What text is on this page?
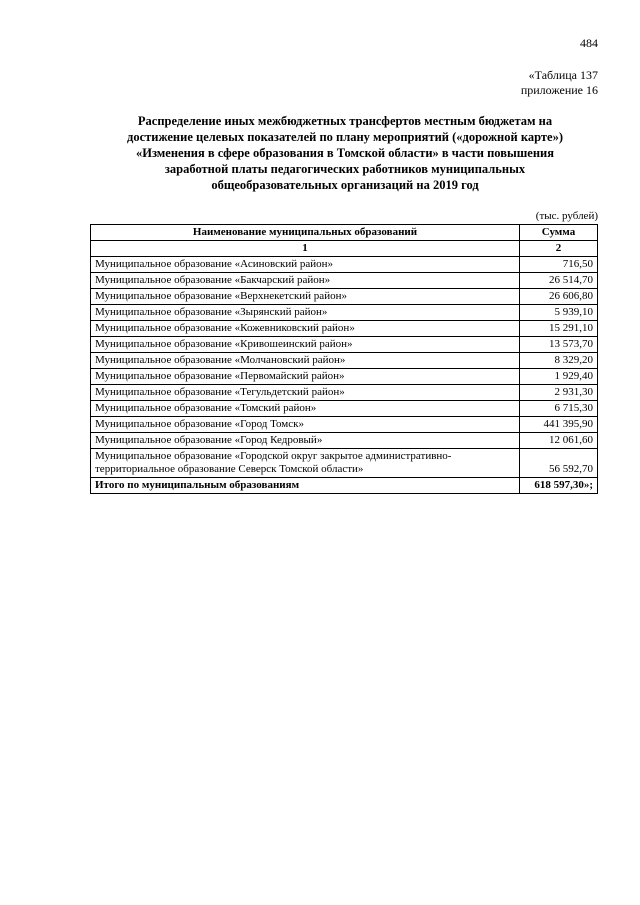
484
«Таблица 137
приложение 16
Распределение иных межбюджетных трансфертов местным бюджетам на
достижение целевых показателей по плану мероприятий («дорожной карте»)
«Изменения в сфере образования в Томской области» в части повышения
заработной платы педагогических работников муниципальных
общеобразовательных организаций на 2019 год
(тыс. рублей)
Наименование муниципальных образований	Сумма
1	2
Муниципальное образование «Асиновский район»	716,50
Муниципальное образование «Бакчарский район»	26 514,70
Муниципальное образование «Верхнекетский район»	26 606,80
Муниципальное образование «Зырянский район»	5 939,10
Муниципальное образование «Кожевниковский район»	15 291,10
Муниципальное образование «Кривошеинский район»	13 573,70
Муниципальное образование «Молчановский район»	8 329,20
Муниципальное образование «Первомайский район»	1 929,40
Муниципальное образование «Тегульдетский район»	2 931,30
Муниципальное образование «Томский район»	6 715,30
Муниципальное образование «Город Томск»	441 395,90
Муниципальное образование «Город Кедровый»	12 061,60
Муниципальное образование «Городской округ закрытое административно-территориальное образование Северск Томской области»	56 592,70
Итого по муниципальным образованиям	618 597,30»;
